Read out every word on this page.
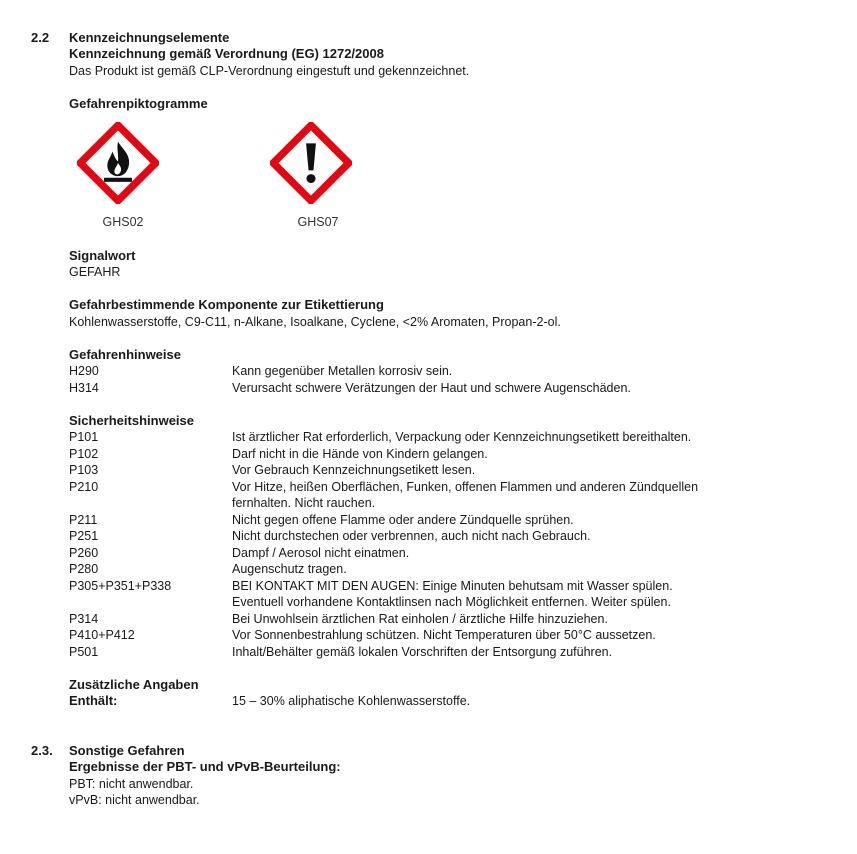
2.2 Kennzeichnungselemente
Kennzeichnung gemäß Verordnung (EG) 1272/2008
Das Produkt ist gemäß CLP-Verordnung eingestuft und gekennzeichnet.
Gefahrenpiktogramme
GHS02	GHS07
Signalwort
GEFAHR
Gefahrbestimmende Komponente zur Etikettierung
Kohlenwasserstoffe, C9-C11, n-Alkane, Isoalkane, Cyclene, <2% Aromaten, Propan-2-ol.
Gefahrenhinweise
H290	Kann gegenüber Metallen korrosiv sein.
H314	Verursacht schwere Verätzungen der Haut und schwere Augenschäden.
Sicherheitshinweise
P101	Ist ärztlicher Rat erforderlich, Verpackung oder Kennzeichnungsetikett bereithalten.
P102	Darf nicht in die Hände von Kindern gelangen.
P103	Vor Gebrauch Kennzeichnungsetikett lesen.
P210	Vor Hitze, heißen Oberflächen, Funken, offenen Flammen und anderen Zündquellen
fernhalten. Nicht rauchen.
P211	Nicht gegen offene Flamme oder andere Zündquelle sprühen.
P251	Nicht durchstechen oder verbrennen, auch nicht nach Gebrauch.
P260	Dampf / Aerosol nicht einatmen.
P280	Augenschutz tragen.
P305+P351+P338	BEI KONTAKT MIT DEN AUGEN: Einige Minuten behutsam mit Wasser spülen.
Eventuell vorhandene Kontaktlinsen nach Möglichkeit entfernen. Weiter spülen.
P314	Bei Unwohlsein ärztlichen Rat einholen / ärztliche Hilfe hinzuziehen.
P410+P412	Vor Sonnenbestrahlung schützen. Nicht Temperaturen über 50°C aussetzen.
P501	Inhalt/Behälter gemäß lokalen Vorschriften der Entsorgung zuführen.
Zusätzliche Angaben
Enthält:	15 – 30% aliphatische Kohlenwasserstoffe.
2.3. Sonstige Gefahren
Ergebnisse der PBT- und vPvB-Beurteilung:
PBT: nicht anwendbar.
vPvB: nicht anwendbar.
